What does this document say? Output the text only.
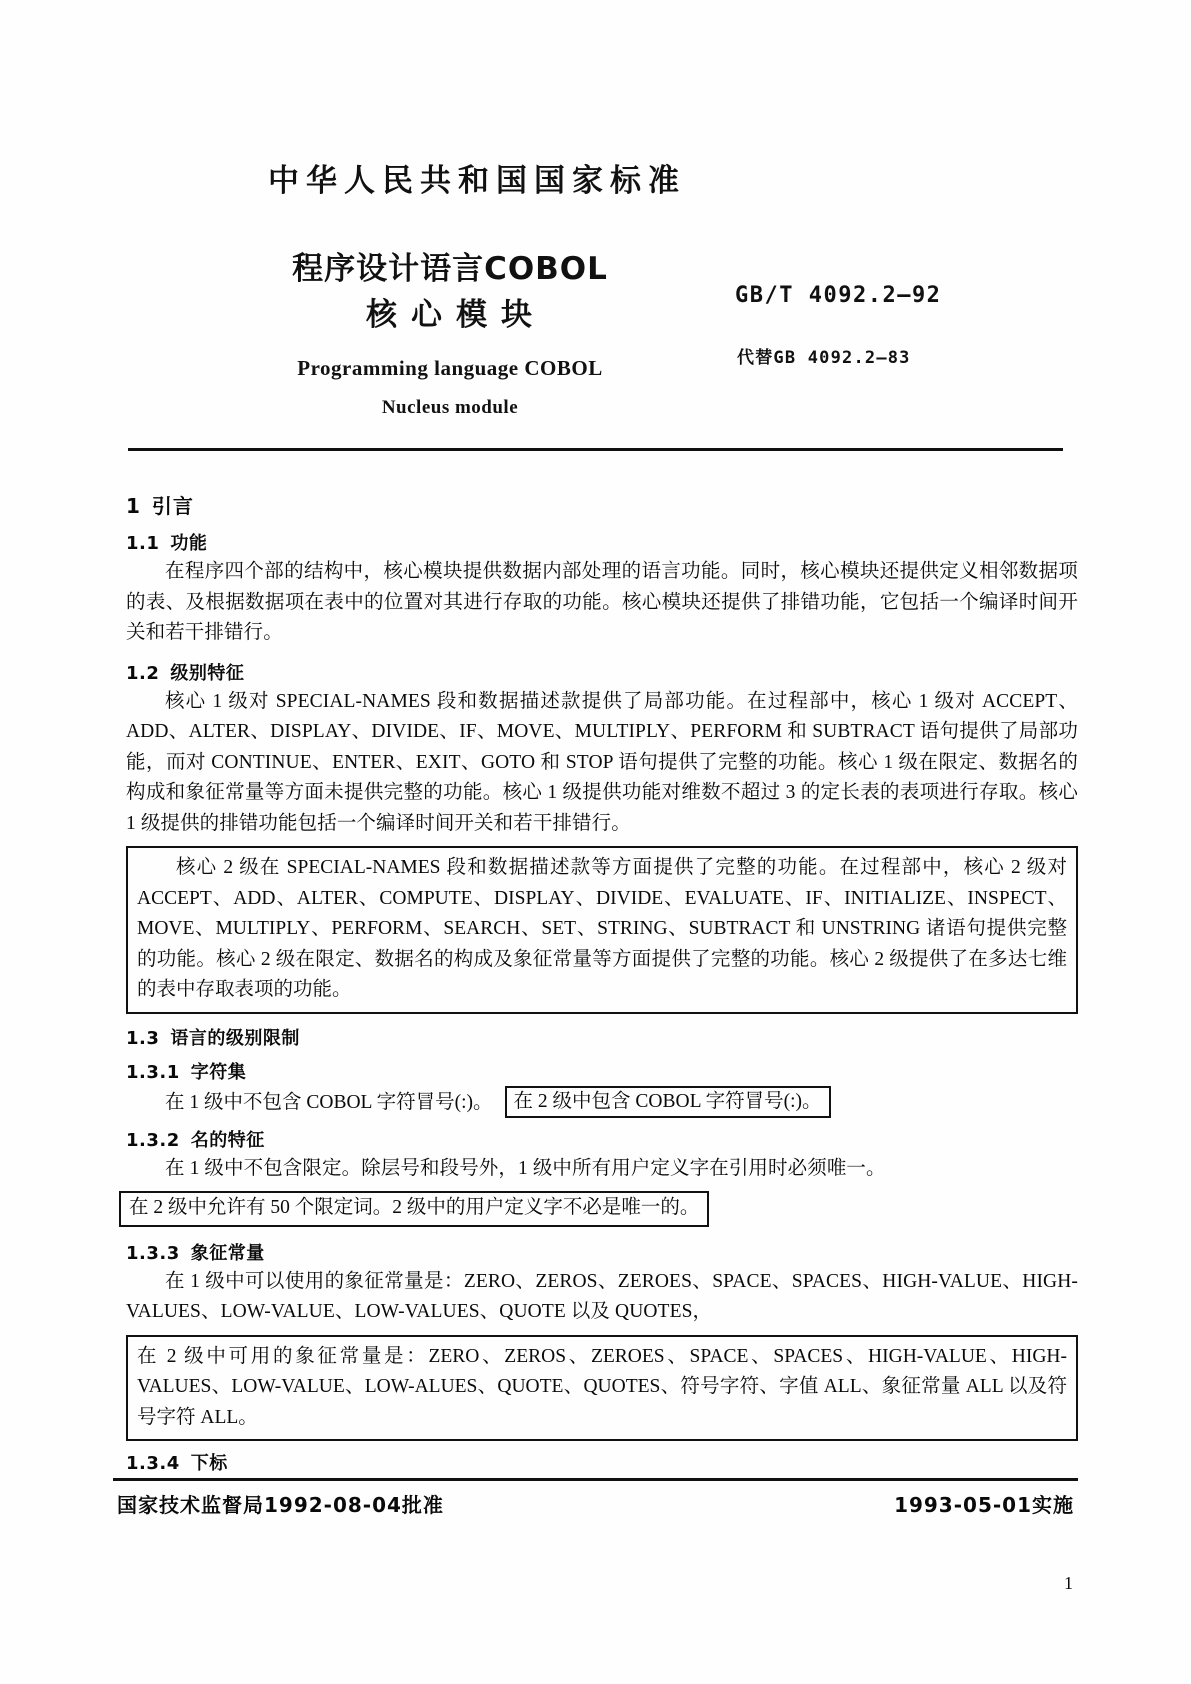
中华人民共和国国家标准
程序设计语言COBOL
核心模块
Programming language COBOL
Nucleus module
GB/T 4092.2—92
代替GB 4092.2—83
1 引言
1.1 功能

在程序四个部的结构中，核心模块提供数据内部处理的语言功能。同时，核心模块还提供定义相邻数据项的表、及根据数据项在表中的位置对其进行存取的功能。核心模块还提供了排错功能，它包括一个编译时间开关和若干排错行。

1.2 级别特征

核心 1 级对 SPECIAL-NAMES 段和数据描述款提供了局部功能。在过程部中，核心 1 级对 ACCEPT、ADD、ALTER、DISPLAY、DIVIDE、IF、MOVE、MULTIPLY、PERFORM 和 SUBTRACT 语句提供了局部功能，而对 CONTINUE、ENTER、EXIT、GOTO 和 STOP 语句提供了完整的功能。核心 1 级在限定、数据名的构成和象征常量等方面未提供完整的功能。核心 1 级提供功能对维数不超过 3 的定长表的表项进行存取。核心 1 级提供的排错功能包括一个编译时间开关和若干排错行。

核心 2 级在 SPECIAL-NAMES 段和数据描述款等方面提供了完整的功能。在过程部中，核心 2 级对 ACCEPT、ADD、ALTER、COMPUTE、DISPLAY、DIVIDE、EVALUATE、IF、INITIALIZE、INSPECT、MOVE、MULTIPLY、PERFORM、SEARCH、SET、STRING、SUBTRACT 和 UNSTRING 诸语句提供完整的功能。核心 2 级在限定、数据名的构成及象征常量等方面提供了完整的功能。核心 2 级提供了在多达七维的表中存取表项的功能。
1.3 语言的级别限制
1.3.1 字符集
在 1 级中不包含 COBOL 字符冒号(:)。 在 2 级中包含 COBOL 字符冒号(:)。
1.3.2 名的特征

在 1 级中不包含限定。除层号和段号外，1 级中所有用户定义字在引用时必须唯一。

在 2 级中允许有 50 个限定词。2 级中的用户定义字不必是唯一的。
1.3.3 象征常量

在 1 级中可以使用的象征常量是：ZERO、ZEROS、ZEROES、SPACE、SPACES、HIGH-VALUE、HIGH-VALUES、LOW-VALUE、LOW-VALUES、QUOTE 以及 QUOTES，

在 2 级中可用的象征常量是：ZERO、ZEROS、ZEROES、SPACE、SPACES、HIGH-VALUE、HIGH-VALUES、LOW-VALUE、LOW-ALUES、QUOTE、QUOTES、符号字符、字值 ALL、象征常量 ALL 以及符号字符 ALL。
1.3.4 下标
国家技术监督局1992-08-04批准	1993-05-01实施
1
